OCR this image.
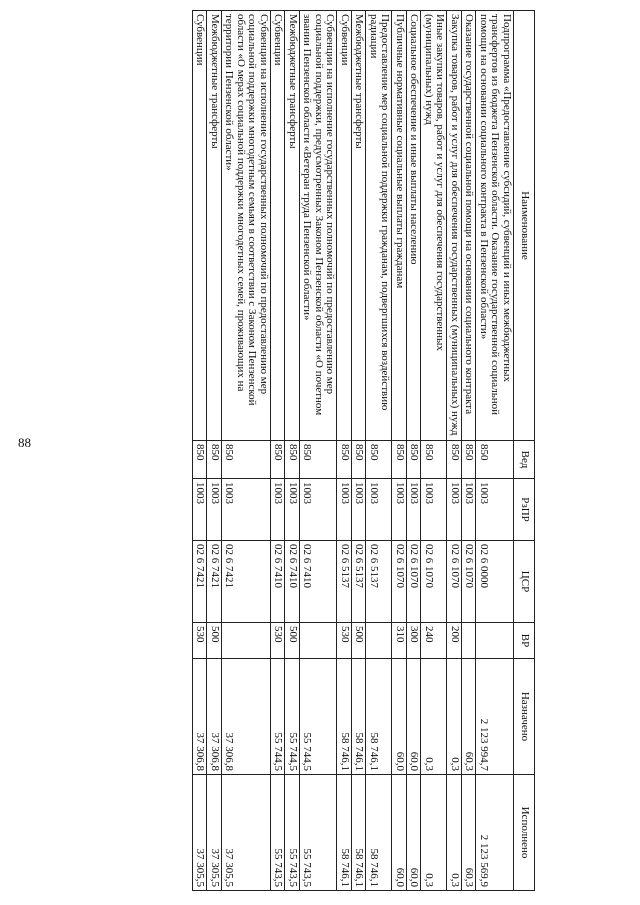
88
Наименование	Вед	РзПР	ЦСР	ВР	Назначено	Исполнено
Подпрограмма «Предоставление субсидий, субвенций и иных межбюджетных трансфертов из бюджета Пензенской области. Оказание государственной социальной помощи на основании социального контракта в Пензенской области»	850	1003	02 6 0000		2 123 994,7	2 123 569,9
Оказание государственной социальной помощи на основании социального контракта	850	1003	02 6 1070		60,3	60,3
Закупка товаров, работ и услуг для обеспечения государственных (муниципальных) нужд	850	1003	02 6 1070	200	0,3	0,3
Иные закупки товаров, работ и услуг для обеспечения государственных (муниципальных) нужд	850	1003	02 6 1070	240	0,3	0,3
Социальное обеспечение и иные выплаты населению	850	1003	02 6 1070	300	60,0	60,0
Публичные нормативные социальные выплаты гражданам	850	1003	02 6 1070	310	60,0	60,0
Предоставление мер социальной поддержки гражданам, подвергшихся воздействию радиации	850	1003	02 6 5137		58 746,1	58 746,1
Межбюджетные трансферты	850	1003	02 6 5137	500	58 746,1	58 746,1
Субвенции	850	1003	02 6 5137	530	58 746,1	58 746,1
Субвенции на исполнение государственных полномочий по предоставлению мер социальной поддержки, предусмотренных Законом Пензенской области «О почетном звании Пензенской области «Ветеран труда Пензенской области»	850	1003	02 6 7410		55 744,5	55 743,5
Межбюджетные трансферты	850	1003	02 6 7410	500	55 744,5	55 743,5
Субвенции	850	1003	02 6 7410	530	55 744,5	55 743,5
Субвенции на исполнение государственных полномочий по предоставлению мер социальной поддержки многодетным семьям в соответствии с Законом Пензенской области «О мерах социальной поддержки многодетных семей, проживающих на территории Пензенской области»	850	1003	02 6 7421		37 306,8	37 305,5
Межбюджетные трансферты	850	1003	02 6 7421	500	37 306,8	37 305,5
Субвенции	850	1003	02 6 7421	530	37 306,8	37 305,5
